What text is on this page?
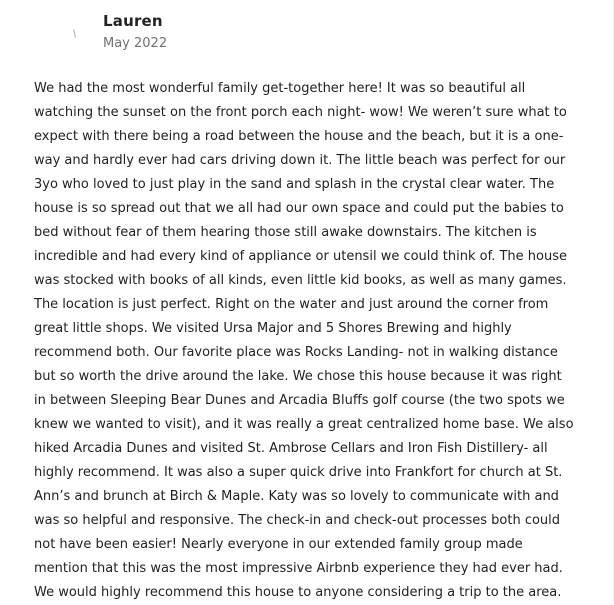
Lauren
May 2022

We had the most wonderful family get-together here! It was so beautiful all watching the sunset on the front porch each night- wow! We weren’t sure what to expect with there being a road between the house and the beach, but it is a one-way and hardly ever had cars driving down it. The little beach was perfect for our 3yo who loved to just play in the sand and splash in the crystal clear water. The house is so spread out that we all had our own space and could put the babies to bed without fear of them hearing those still awake downstairs. The kitchen is incredible and had every kind of appliance or utensil we could think of. The house was stocked with books of all kinds, even little kid books, as well as many games. The location is just perfect. Right on the water and just around the corner from great little shops. We visited Ursa Major and 5 Shores Brewing and highly recommend both. Our favorite place was Rocks Landing- not in walking distance but so worth the drive around the lake. We chose this house because it was right in between Sleeping Bear Dunes and Arcadia Bluffs golf course (the two spots we knew we wanted to visit), and it was really a great centralized home base. We also hiked Arcadia Dunes and visited St. Ambrose Cellars and Iron Fish Distillery- all highly recommend. It was also a super quick drive into Frankfort for church at St. Ann’s and brunch at Birch & Maple. Katy was so lovely to communicate with and was so helpful and responsive. The check-in and check-out processes both could not have been easier! Nearly everyone in our extended family group made mention that this was the most impressive Airbnb experience they had ever had. We would highly recommend this house to anyone considering a trip to the area.
